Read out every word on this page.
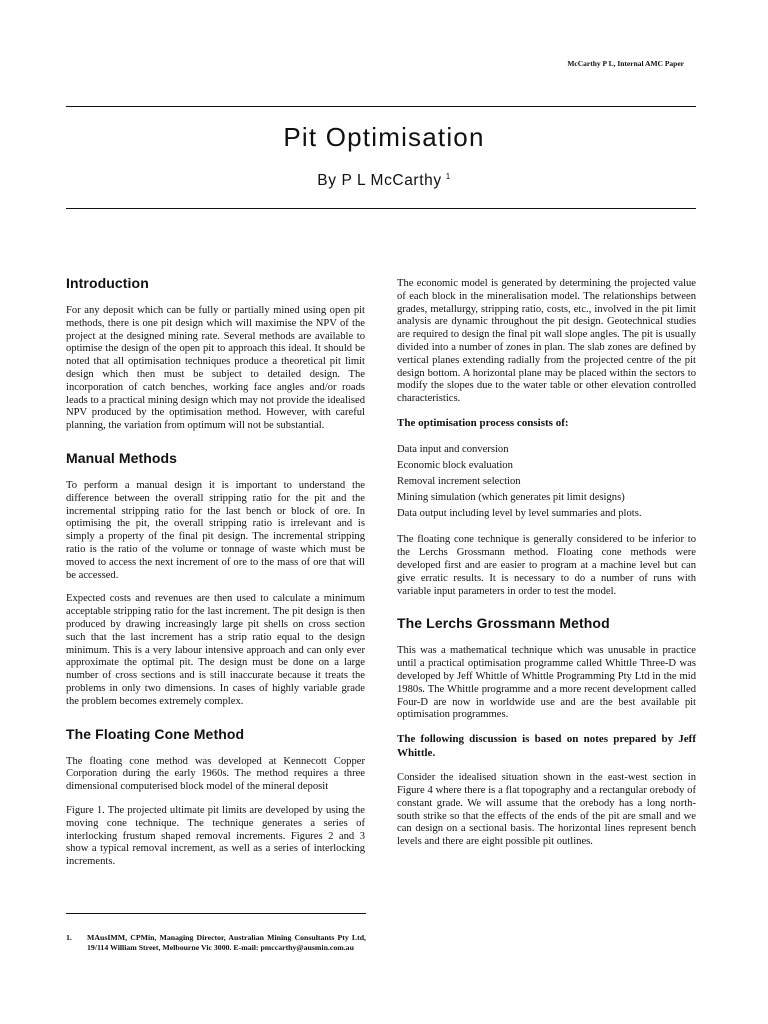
McCarthy P L, Internal AMC Paper
Pit Optimisation
By P L McCarthy $^1$
Introduction

For any deposit which can be fully or partially mined using open pit methods, there is one pit design which will maximise the NPV of the project at the designed mining rate. Several methods are available to optimise the design of the open pit to approach this ideal. It should be noted that all optimisation techniques produce a theoretical pit limit design which then must be subject to detailed design. The incorporation of catch benches, working face angles and/or roads leads to a practical mining design which may not provide the idealised NPV produced by the optimisation method. However, with careful planning, the variation from optimum will not be substantial.

Manual Methods

To perform a manual design it is important to understand the difference between the overall stripping ratio for the pit and the incremental stripping ratio for the last bench or block of ore. In optimising the pit, the overall stripping ratio is irrelevant and is simply a property of the final pit design. The incremental stripping ratio is the ratio of the volume or tonnage of waste which must be moved to access the next increment of ore to the mass of ore that will be accessed.

Expected costs and revenues are then used to calculate a minimum acceptable stripping ratio for the last increment. The pit design is then produced by drawing increasingly large pit shells on cross section such that the last increment has a strip ratio equal to the design minimum. This is a very labour intensive approach and can only ever approximate the optimal pit. The design must be done on a large number of cross sections and is still inaccurate because it treats the problems in only two dimensions. In cases of highly variable grade the problem becomes extremely complex.

The Floating Cone Method

The floating cone method was developed at Kennecott Copper Corporation during the early 1960s. The method requires a three dimensional computerised block model of the mineral deposit

Figure 1. The projected ultimate pit limits are developed by using the moving cone technique. The technique generates a series of interlocking frustum shaped removal increments. Figures 2 and 3 show a typical removal increment, as well as a series of interlocking increments.

The economic model is generated by determining the projected value of each block in the mineralisation model. The relationships between grades, metallurgy, stripping ratio, costs, etc., involved in the pit limit analysis are dynamic throughout the pit design. Geotechnical studies are required to design the final pit wall slope angles. The pit is usually divided into a number of zones in plan. The slab zones are defined by vertical planes extending radially from the projected centre of the pit design bottom. A horizontal plane may be placed within the sectors to modify the slopes due to the water table or other elevation controlled characteristics.

The optimisation process consists of:

Data input and conversion
Economic block evaluation
Removal increment selection
Mining simulation (which generates pit limit designs)
Data output including level by level summaries and plots.

The floating cone technique is generally considered to be inferior to the Lerchs Grossmann method. Floating cone methods were developed first and are easier to program at a machine level but can give erratic results. It is necessary to do a number of runs with variable input parameters in order to test the model.

The Lerchs Grossmann Method

This was a mathematical technique which was unusable in practice until a practical optimisation programme called Whittle Three-D was developed by Jeff Whittle of Whittle Programming Pty Ltd in the mid 1980s. The Whittle programme and a more recent development called Four-D are now in worldwide use and are the best available pit optimisation programmes.

The following discussion is based on notes prepared by Jeff Whittle.

Consider the idealised situation shown in the east-west section in Figure 4 where there is a flat topography and a rectangular orebody of constant grade. We will assume that the orebody has a long north-south strike so that the effects of the ends of the pit are small and we can design on a sectional basis. The horizontal lines represent bench levels and there are eight possible pit outlines.

1. MAusIMM, CPMin, Managing Director, Australian Mining Consultants Pty Ltd, 19/114 William Street, Melbourne Vic 3000. E-mail: pmccarthy@ausmin.com.au
